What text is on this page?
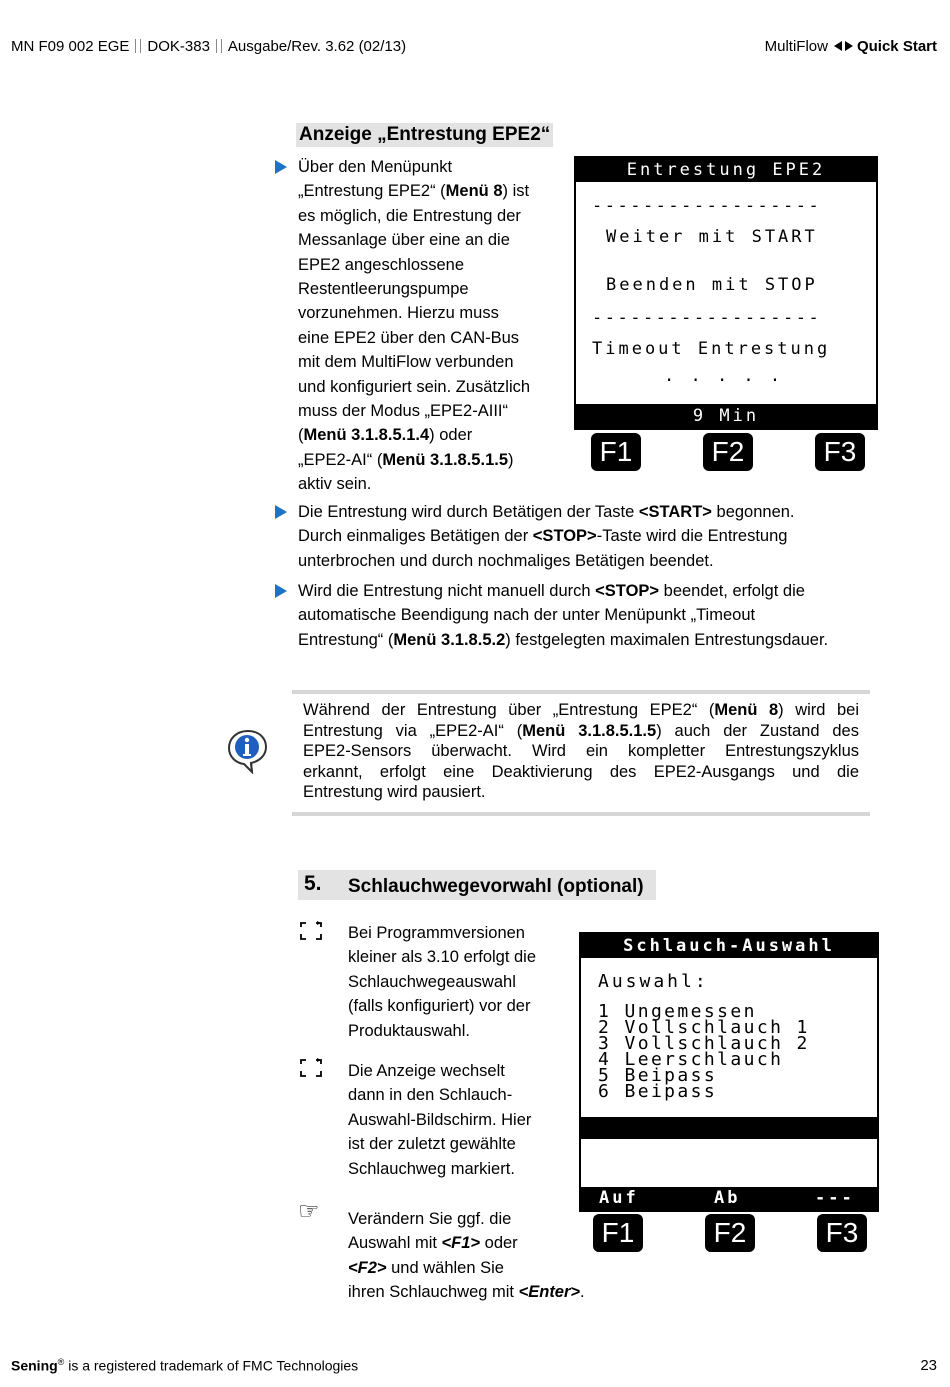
MN F09 002 EGE DOK-383 Ausgabe/Rev. 3.62 (02/13)	MultiFlow Quick Start
Anzeige „Entrestung EPE2“
Über den Menüpunkt
„Entrestung EPE2“ (Menü 8) ist
es möglich, die Entrestung der
Messanlage über eine an die
EPE2 angeschlossene
Restentleerungspumpe
vorzunehmen. Hierzu muss
eine EPE2 über den CAN-Bus
mit dem MultiFlow verbunden
und konfiguriert sein. Zusätzlich
muss der Modus „EPE2-AIII“
(Menü 3.1.8.5.1.4) oder
„EPE2-AI“ (Menü 3.1.8.5.1.5)
aktiv sein.
Entrestung EPE2
------------------
Weiter mit START
Beenden mit STOP
------------------
Timeout Entrestung
. . . . .
9 Min
F1	F2	F3
Die Entrestung wird durch Betätigen der Taste <START> begonnen.
Durch einmaliges Betätigen der <STOP>-Taste wird die Entrestung
unterbrochen und durch nochmaliges Betätigen beendet.
Wird die Entrestung nicht manuell durch <STOP> beendet, erfolgt die
automatische Beendigung nach der unter Menüpunkt „Timeout
Entrestung“ (Menü 3.1.8.5.2) festgelegten maximalen Entrestungsdauer.
Während der Entrestung über „Entrestung EPE2“ (Menü 8) wird bei
Entrestung via „EPE2-AI“ (Menü 3.1.8.5.1.5) auch der Zustand des
EPE2-Sensors überwacht. Wird ein kompletter Entrestungszyklus
erkannt, erfolgt eine Deaktivierung des EPE2-Ausgangs und die
Entrestung wird pausiert.
5. Schlauchwegevorwahl (optional)
Bei Programmversionen
kleiner als 3.10 erfolgt die
Schlauchwegeauswahl
(falls konfiguriert) vor der
Produktauswahl.
Die Anzeige wechselt
dann in den Schlauch-
Auswahl-Bildschirm. Hier
ist der zuletzt gewählte
Schlauchweg markiert.
☞ Verändern Sie ggf. die
Auswahl mit <F1> oder
<F2> und wählen Sie
ihren Schlauchweg mit <Enter>.
Schlauch-Auswahl
Auswahl:
1 Ungemessen
2 Vollschlauch 1
3 Vollschlauch 2
4 Leerschlauch
5 Beipass
6 Beipass
Auf	Ab	---
F1	F2	F3
Sening® is a registered trademark of FMC Technologies	23
